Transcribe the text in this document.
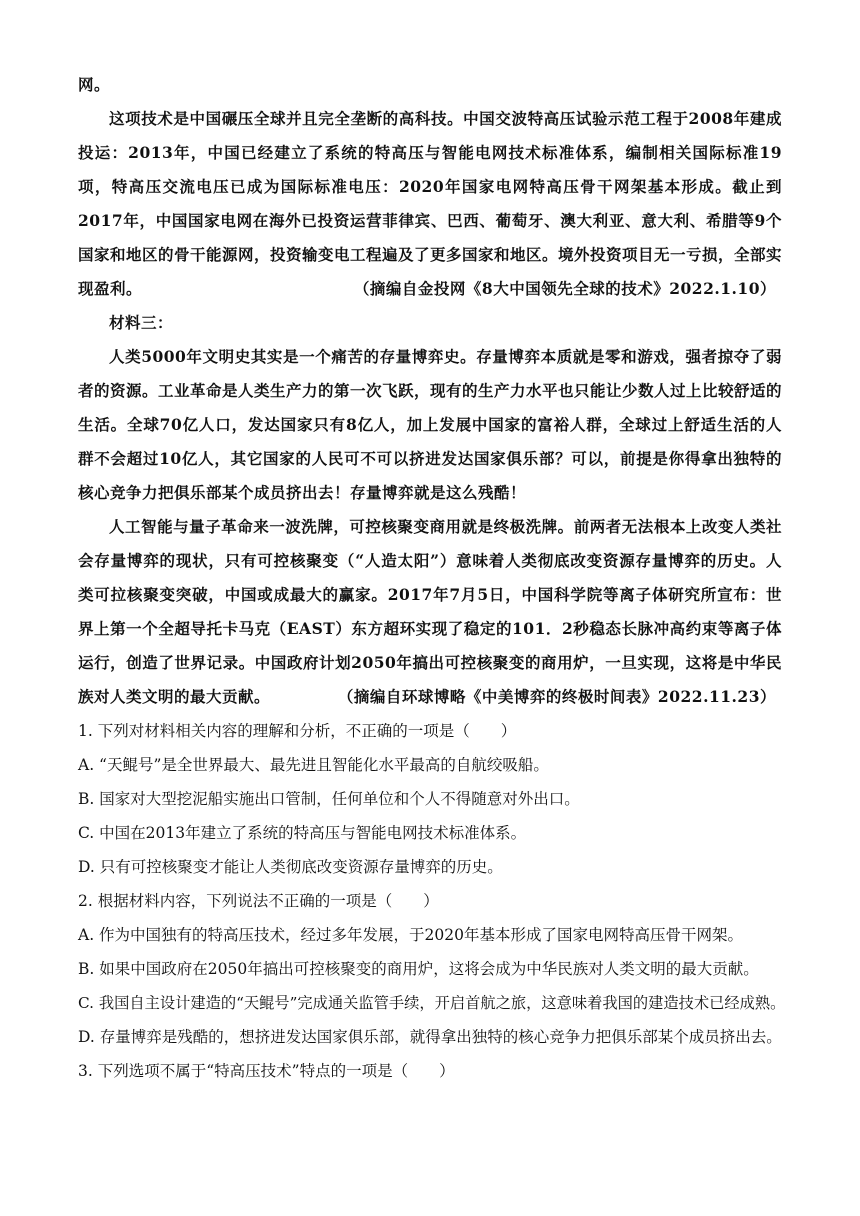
网。

这项技术是中国碾压全球并且完全垄断的高科技。中国交波特高压试验示范工程于2008年建成投运：2013年，中国已经建立了系统的特高压与智能电网技术标准体系，编制相关国际标准19项，特高压交流电压已成为国际标准电压：2020年国家电网特高压骨干网架基本形成。截止到2017年，中国国家电网在海外已投资运营菲律宾、巴西、葡萄牙、澳大利亚、意大利、希腊等9个国家和地区的骨干能源网，投资输变电工程遍及了更多国家和地区。境外投资项目无一亏损，全部实现盈利。	（摘编自金投网《8大中国领先全球的技术》2022.1.10）

材料三：

人类5000年文明史其实是一个痛苦的存量博弈史。存量博弈本质就是零和游戏，强者掠夺了弱者的资源。工业革命是人类生产力的第一次飞跃，现有的生产力水平也只能让少数人过上比较舒适的生活。全球70亿人口，发达国家只有8亿人，加上发展中国家的富裕人群，全球过上舒适生活的人群不会超过10亿人，其它国家的人民可不可以挤进发达国家俱乐部？可以，前提是你得拿出独特的核心竞争力把俱乐部某个成员挤出去！存量博弈就是这么残酷！

人工智能与量子革命来一波洗牌，可控核聚变商用就是终极洗牌。前两者无法根本上改变人类社会存量博弈的现状，只有可控核聚变（“人造太阳”）意味着人类彻底改变资源存量博弈的历史。人类可拉核聚变突破，中国或成最大的赢家。2017年7月5日，中国科学院等离子体研究所宣布：世界上第一个全超导托卡马克（EAST）东方超环实现了稳定的101．2秒稳态长脉冲高约束等离子体运行，创造了世界记录。中国政府计划2050年搞出可控核聚变的商用炉，一旦实现，这将是中华民族对人类文明的最大贡献。	（摘编自环球博略《中美博弈的终极时间表》2022.11.23）

1. 下列对材料相关内容的理解和分析，不正确的一项是（　　）

A. “天鲲号”是全世界最大、最先进且智能化水平最高的自航绞吸船。

B. 国家对大型挖泥船实施出口管制，任何单位和个人不得随意对外出口。

C. 中国在2013年建立了系统的特高压与智能电网技术标准体系。

D. 只有可控核聚变才能让人类彻底改变资源存量博弈的历史。

2. 根据材料内容，下列说法不正确的一项是（　　）

A. 作为中国独有的特高压技术，经过多年发展，于2020年基本形成了国家电网特高压骨干网架。

B. 如果中国政府在2050年搞出可控核聚变的商用炉，这将会成为中华民族对人类文明的最大贡献。

C. 我国自主设计建造的“天鲲号”完成通关监管手续，开启首航之旅，这意味着我国的建造技术已经成熟。

D. 存量博弈是残酷的，想挤进发达国家俱乐部，就得拿出独特的核心竞争力把俱乐部某个成员挤出去。

3. 下列选项不属于“特高压技术”特点的一项是（　　）
